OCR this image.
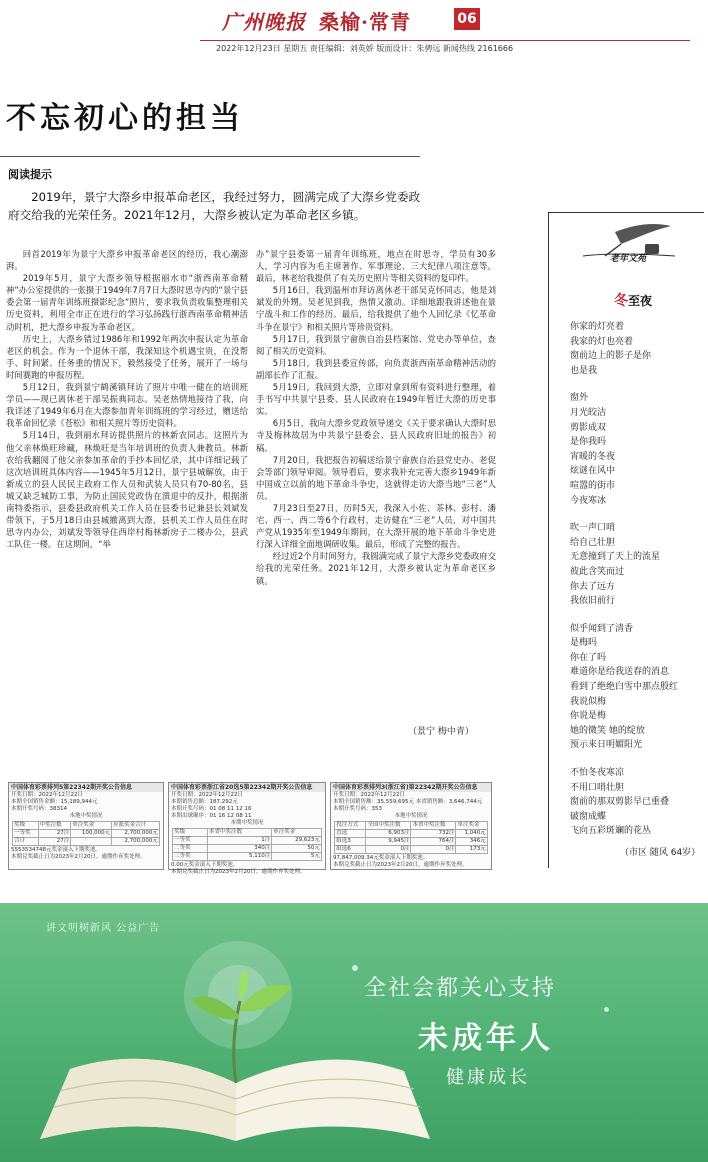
广州晚报 桑榆·常青	06
2022年12月23日 星期五 责任编辑：刘英娇 版面设计：朱骋远 新闻热线 2161666
不忘初心的担当
阅读提示
2019年，景宁大漈乡申报革命老区，我经过努力，圆满完成了大漈乡党委政府交给我的光荣任务。2021年12月，大漈乡被认定为革命老区乡镇。

回首2019年为景宁大漈乡申报革命老区的经历，我心潮澎湃。

2019年5月，景宁大漈乡领导根据丽水市“浙西南革命精神”办公室提供的一张摄于1949年7月7日大漈时思寺内的“景宁县委会第一届青年训练班摄影纪念”照片，要求我负责收集整理相关历史资料，利用全市正在进行的学习弘扬践行浙西南革命精神活动时机，把大漈乡申报为革命老区。

历史上，大漈乡错过1986年和1992年两次申报认定为革命老区的机会。作为一个退休干部，我深知这个机遇宝贵，在没帮手、时间紧、任务重的情况下，毅然接受了任务，展开了一场与时间赛跑的申报历程。

5月12日，我到景宁鹤溪镇拜访了照片中唯一健在的培训班学员——现已离休老干部吴振典同志。吴老热情地接待了我，向我详述了1949年6月在大漈参加青年训练班的学习经过，赠送给我革命回忆录《苍松》和相关照片等历史资料。

5月14日，我到丽水拜访提供照片的林新农同志。这照片为他父亲林焕旺珍藏，林焕旺是当年培训班的负责人兼教员。林新农给我翻阅了他父亲参加革命的手抄本回忆录，其中详细记载了这次培训班具体内容——1945年5月12日，景宁县城解放，由于新成立的县人民民主政府工作人员和武装人员只有70-80名，县城又缺乏城防工事，为防止国民党政伪在溃退中的反扑，根据浙南特委指示，县委县政府机关工作人员在县委书记兼县长刘斌发带领下，于5月18日由县城撤离到大漈，县机关工作人员住在时思寺内办公，刘斌发等领导住西岸村梅林新房子二楼办公，县武工队住一楼。在这期间，“举

办”景宁县委第一届青年训练班，地点在时思寺，学员有30多人，学习内容为毛主席著作、军事理论、三大纪律八项注意等。最后，林老给我提供了有关历史照片等相关资料的复印件。

5月16日，我到温州市拜访离休老干部吴克怀同志，他是刘斌发的外甥。吴老见到我，热情又激动。详细地跟我讲述他在景宁战斗和工作的经历。最后，给我提供了他个人回忆录《忆革命斗争在景宁》和相关照片等珍贵资料。

5月17日，我到景宁畲族自治县档案馆、党史办等单位，查阅了相关历史资料。

5月18日，我到县委宣传部，向负责浙西南革命精神活动的副部长作了汇报。

5月19日，我回到大漈，立即对拿到所有资料进行整理，着手书写中共景宁县委、县人民政府在1949年暂迁大漈的历史事实。

6月5日，我向大漈乡党政领导递交《关于要求确认大漈时思寺及梅林故居为中共景宁县委会、县人民政府旧址的报告》初稿。

7月20日，我把报告初稿送给景宁畲族自治县党史办、老促会等部门领导审阅。领导看后，要求我补充完善大漈乡1949年新中国成立以前的地下革命斗争史，这就得走访大漈当地“三老”人员。

7月23日至27日，历时5天，我深入小佐、茶林、彭村、潘宅、西一、西二等6个行政村，走访健在“三老”人员，对中国共产党从1935年至1949年期间，在大漈开展的地下革命斗争史进行深入详细全面地调研收集。最后，形成了完整的报告。

经过近2个月时间努力，我圆满完成了景宁大漈乡党委政府交给我的光荣任务。2021年12月，大漈乡被认定为革命老区乡镇。

（景宁 梅中青）
老年文苑
冬至夜
你家的灯亮着
我家的灯也亮着
窗前边上的影子是你
也是我
窗外
月光皎洁
剪影成双
是你我吗
宵暖的冬夜
炫谜在风中
喧嚣的街市
今夜寒冰
吹一声口哨
给自己壮胆
无意撞到了天上的流星
彼此含笑而过
你去了远方
我依旧前行
似乎闻到了清香
是梅吗
你在了吗
难道你是给我送春的消息
看到了绝绝白雪中那点殷红
我说似梅
你说是梅
她的微笑 她的绽放
预示来日明媚阳光
不怕冬夜寒凉
不用口哨壮胆
窗前的那双剪影早已重叠
破窗成蝶
飞向五彩斑斓的花丛
（市区 随风 64岁）
中国体育彩票排列5第22342期开奖公告信息
开奖日期：2022年12月22日
本期全国销售金额：15,189,944元
本期开奖号码：38314
本地中奖情况
奖级	中奖注数	单注奖金	应派奖金合计
一等奖	27注	100,000元	2,700,000元
合计	27注		2,700,000元
5553534748元奖金滚入下期奖池。
本期兑奖截止日为2023年2月20日，逾期作弃奖处理。
中国体育彩票浙江省20选5第22342期开奖公告信息
开奖日期：2022年12月22日
本期销售总额：187,292元
本期开奖号码：01 08 11 12 16
本期出球顺序：01 16 12 08 11
本期中奖情况
奖级	本省中奖注数	单注奖金
一等奖	1注	29,623元
二等奖	340注	50元
三等奖	5,110注	5元
0.00元奖金滚入下期奖池。
本期兑奖截止日为2023年2月20日，逾期作弃奖处理。
中国体育彩票排列3(浙江省)第22342期开奖公告信息
开奖日期：2022年12月22日
本期全国销售额：35,559,695元 本省销售额：3,646,744元
本期开奖号码：353
本地中奖情况
投注方式	全国中奖注数	本省中奖注数	单注奖金
直选	6,903注	732注	1,040元
组选3	9,945注	764注	346元
组选6	0注	0注	173元
97,847,009.34元奖金滚入下期奖池。
本期兑奖截止日为2023年2月20日，逾期作弃奖处理。
讲文明树新风 公益广告
全社会都关心支持
未成年人
健康成长
